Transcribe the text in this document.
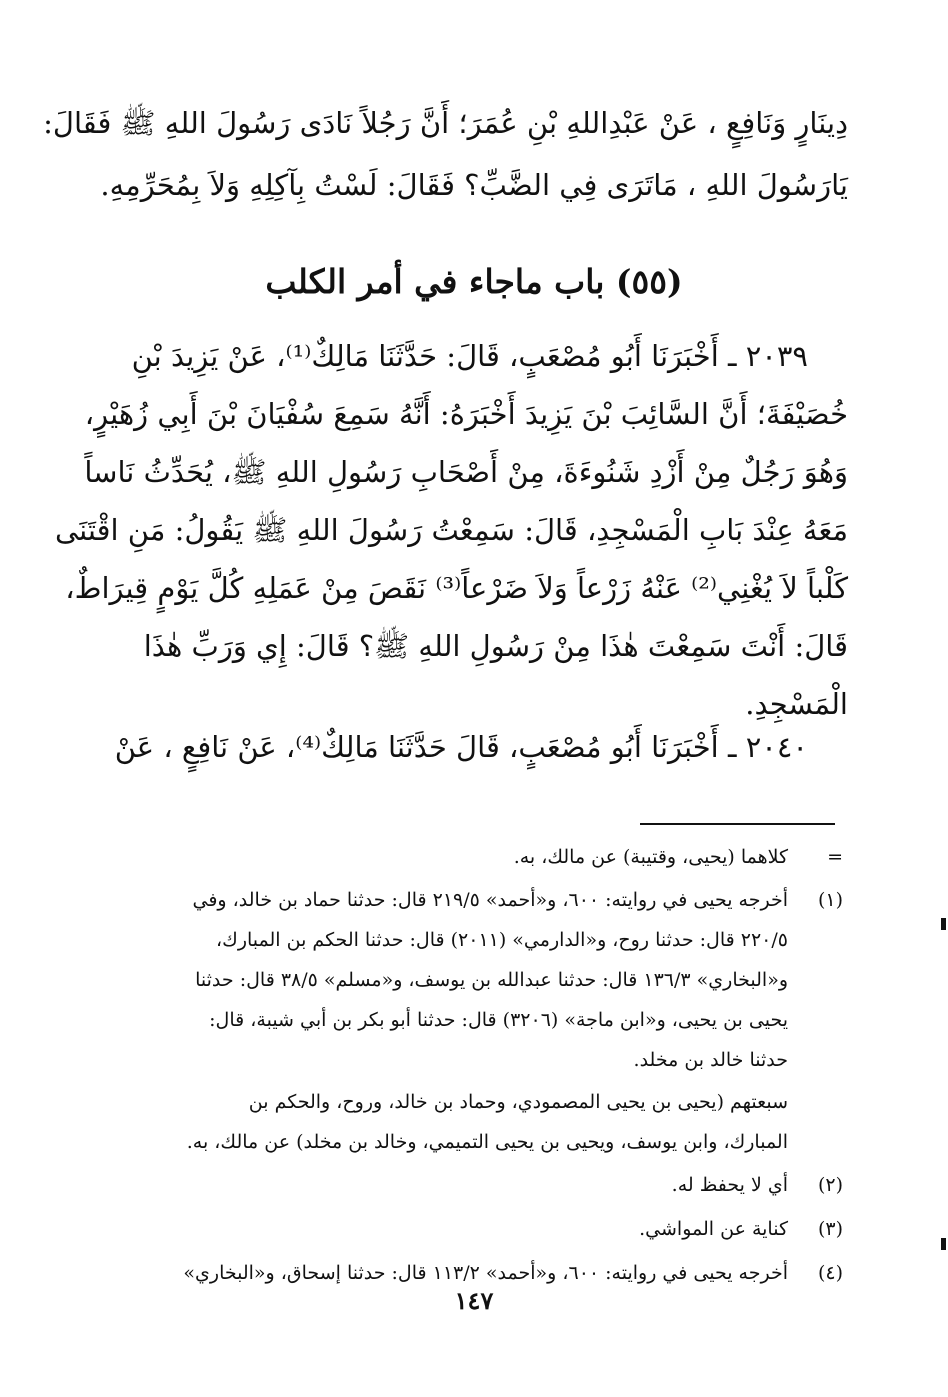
دِينَارٍ وَنَافِعٍ ، عَنْ عَبْدِاللهِ بْنِ عُمَرَ؛ أَنَّ رَجُلاً نَادَى رَسُولَ اللهِ ﷺ فَقَالَ:
يَارَسُولَ اللهِ ، مَاتَرَى فِي الضَّبِّ؟ فَقَالَ: لَسْتُ بِآكِلِهِ وَلاَ بِمُحَرِّمِهِ.
(٥٥) باب ماجاء في أمر الكلب
٢٠٣٩ ـ أَخْبَرَنَا أَبُو مُصْعَبٍ، قَالَ: حَدَّثَنَا مَالِكٌ⁽¹⁾، عَنْ يَزِيدَ بْنِ
خُصَيْفَةَ؛ أَنَّ السَّائِبَ بْنَ يَزِيدَ أَخْبَرَهُ: أَنَّهُ سَمِعَ سُفْيَانَ بْنَ أَبِي زُهَيْرٍ،
وَهُوَ رَجُلٌ مِنْ أَزْدِ شَنُوءَةَ، مِنْ أَصْحَابِ رَسُولِ اللهِ ﷺ، يُحَدِّثُ نَاساً
مَعَهُ عِنْدَ بَابِ الْمَسْجِدِ، قَالَ: سَمِعْتُ رَسُولَ اللهِ ﷺ يَقُولُ: مَنِ اقْتَنَى
كَلْباً لاَ يُغْنِي⁽²⁾ عَنْهُ زَرْعاً وَلاَ ضَرْعاً⁽³⁾ نَقَصَ مِنْ عَمَلِهِ كُلَّ يَوْمٍ قِيرَاطٌ،
قَالَ: أَنْتَ سَمِعْتَ هٰذَا مِنْ رَسُولِ اللهِ ﷺ؟ قَالَ: إِي وَرَبِّ هٰذَا
الْمَسْجِدِ.
٢٠٤٠ ـ أَخْبَرَنَا أَبُو مُصْعَبٍ، قَالَ حَدَّثَنَا مَالِكٌ⁽⁴⁾، عَنْ نَافِعٍ ، عَنْ
=
كلاهما (يحيى، وقتيبة) عن مالك، به.
(١)
أخرجه يحيى في روايته: ٦٠٠، و«أحمد» ٢١٩/٥ قال: حدثنا حماد بن خالد، وفي
٢٢٠/٥ قال: حدثنا روح، و«الدارمي» (٢٠١١) قال: حدثنا الحكم بن المبارك،
و«البخاري» ١٣٦/٣ قال: حدثنا عبدالله بن يوسف، و«مسلم» ٣٨/٥ قال: حدثنا
يحيى بن يحيى، و«ابن ماجة» (٣٢٠٦) قال: حدثنا أبو بكر بن أبي شيبة، قال:
حدثنا خالد بن مخلد.
سبعتهم (يحيى بن يحيى المصمودي، وحماد بن خالد، وروح، والحكم بن
المبارك، وابن يوسف، ويحيى بن يحيى التميمي، وخالد بن مخلد) عن مالك، به.
(٢)
أي لا يحفظ له.
(٣)
كناية عن المواشي.
(٤)
أخرجه يحيى في روايته: ٦٠٠، و«أحمد» ١١٣/٢ قال: حدثنا إسحاق، و«البخاري»
١٤٧
